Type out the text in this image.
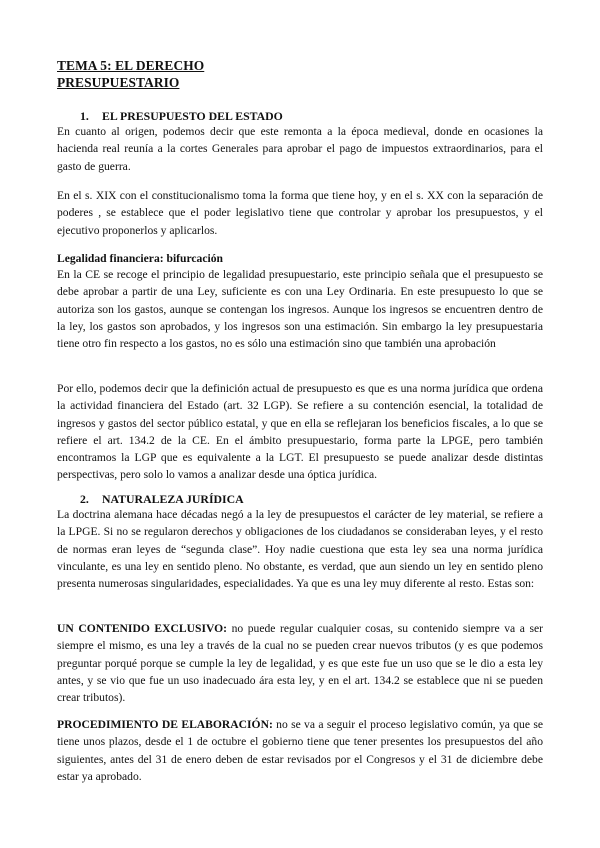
TEMA 5: EL DERECHO
PRESUPUESTARIO
1. EL PRESUPUESTO DEL ESTADO
En cuanto al origen, podemos decir que este remonta a la época medieval, donde en ocasiones la hacienda real reunía a la cortes Generales para aprobar el pago de impuestos extraordinarios, para el gasto de guerra.
En el s. XIX con el constitucionalismo toma la forma que tiene hoy, y en el s. XX con la separación de poderes , se establece que el poder legislativo tiene que controlar y aprobar los presupuestos, y el ejecutivo proponerlos y aplicarlos.
Legalidad financiera: bifurcación
En la CE se recoge el principio de legalidad presupuestario, este principio señala que el presupuesto se debe aprobar a partir de una Ley, suficiente es con una Ley Ordinaria. En este presupuesto lo que se autoriza son los gastos, aunque se contengan los ingresos. Aunque los ingresos se encuentren dentro de la ley, los gastos son aprobados, y los ingresos son una estimación. Sin embargo la ley presupuestaria tiene otro fin respecto a los gastos, no es sólo una estimación sino que también una aprobación
Por ello, podemos decir que la definición actual de presupuesto es que es una norma jurídica que ordena la actividad financiera del Estado (art. 32 LGP). Se refiere a su contención esencial, la totalidad de ingresos y gastos del sector público estatal, y que en ella se reflejaran los beneficios fiscales, a lo que se refiere el art. 134.2 de la CE. En el ámbito presupuestario, forma parte la LPGE, pero también encontramos la LGP que es equivalente a la LGT. El presupuesto se puede analizar desde distintas perspectivas, pero solo lo vamos a analizar desde una óptica jurídica.
2. NATURALEZA JURÍDICA
La doctrina alemana hace décadas negó a la ley de presupuestos el carácter de ley material, se refiere a la LPGE. Si no se regularon derechos y obligaciones de los ciudadanos se consideraban leyes, y el resto de normas eran leyes de “segunda clase”. Hoy nadie cuestiona que esta ley sea una norma jurídica vinculante, es una ley en sentido pleno. No obstante, es verdad, que aun siendo un ley en sentido pleno presenta numerosas singularidades, especialidades. Ya que es una ley muy diferente al resto. Estas son:
UN CONTENIDO EXCLUSIVO: no puede regular cualquier cosas, su contenido siempre va a ser siempre el mismo, es una ley a través de la cual no se pueden crear nuevos tributos (y es que podemos preguntar porqué porque se cumple la ley de legalidad, y es que este fue un uso que se le dio a esta ley antes, y se vio que fue un uso inadecuado ára esta ley, y en el art. 134.2 se establece que ni se pueden crear tributos).
PROCEDIMIENTO DE ELABORACIÓN: no se va a seguir el proceso legislativo común, ya que se tiene unos plazos, desde el 1 de octubre el gobierno tiene que tener presentes los presupuestos del año siguientes, antes del 31 de enero deben de estar revisados por el Congresos y el 31 de diciembre debe estar ya aprobado.
